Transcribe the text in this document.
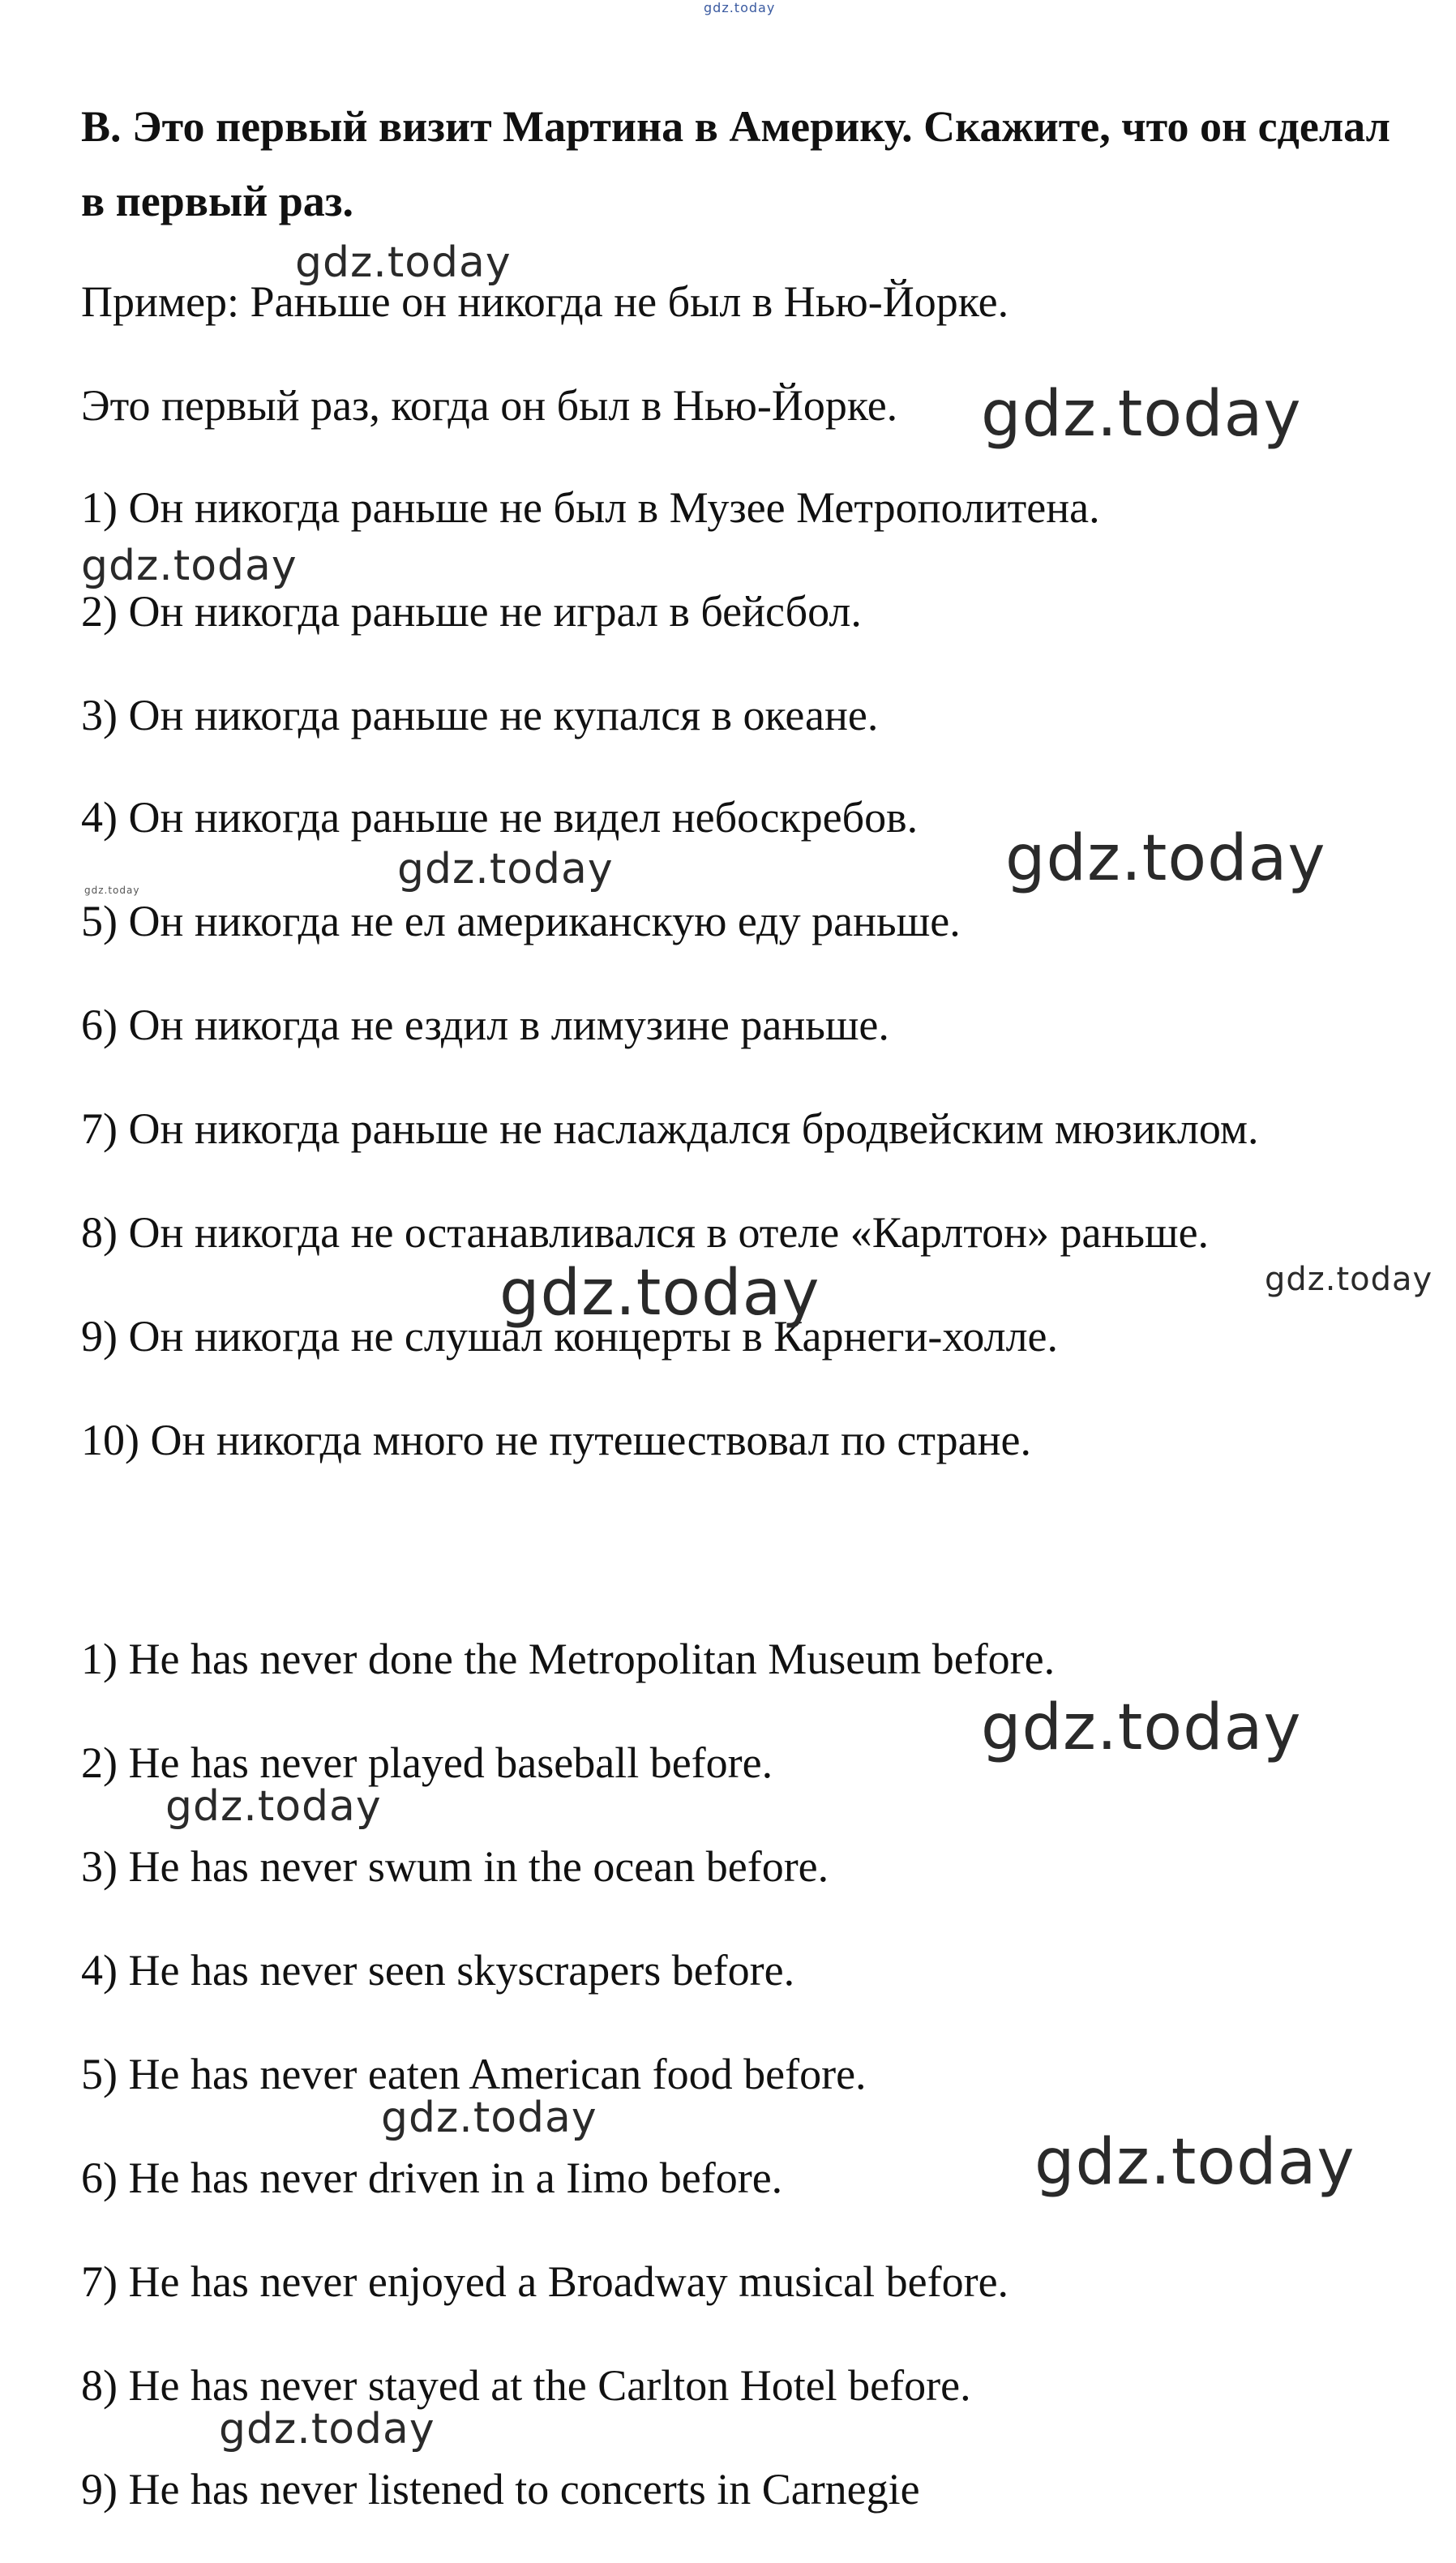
gdz.today

B. Это первый визит Мартина в Америку. Скажите, что он сделал в первый раз.

Пример: Раньше он никогда не был в Нью-Йорке.

Это первый раз, когда он был в Нью-Йорке.

1) Он никогда раньше не был в Музее Метрополитена.

2) Он никогда раньше не играл в бейсбол.

3) Он никогда раньше не купался в океане.

4) Он никогда раньше не видел небоскребов.

5) Он никогда не ел американскую еду раньше.

6) Он никогда не ездил в лимузине раньше.

7) Он никогда раньше не наслаждался бродвейским мюзиклом.

8) Он никогда не останавливался в отеле «Карлтон» раньше.

9) Он никогда не слушал концерты в Карнеги-холле.

10) Он никогда много не путешествовал по стране.

1) He has never done the Metropolitan Museum before.

2) He has never played baseball before.

3) He has never swum in the ocean before.

4) He has never seen skyscrapers before.

5) He has never eaten American food before.

6) He has never driven in a Iimo before.

7) He has never enjoyed a Broadway musical before.

8) He has never stayed at the Carlton Hotel before.

9) He has never listened to concerts in Carnegie

gdz.today
gdz.today
gdz.today
gdz.today	gdz.today	gdz.today
gdz.today	gdz.today
gdz.today
gdz.today
gdz.today
gdz.today
gdz.today
